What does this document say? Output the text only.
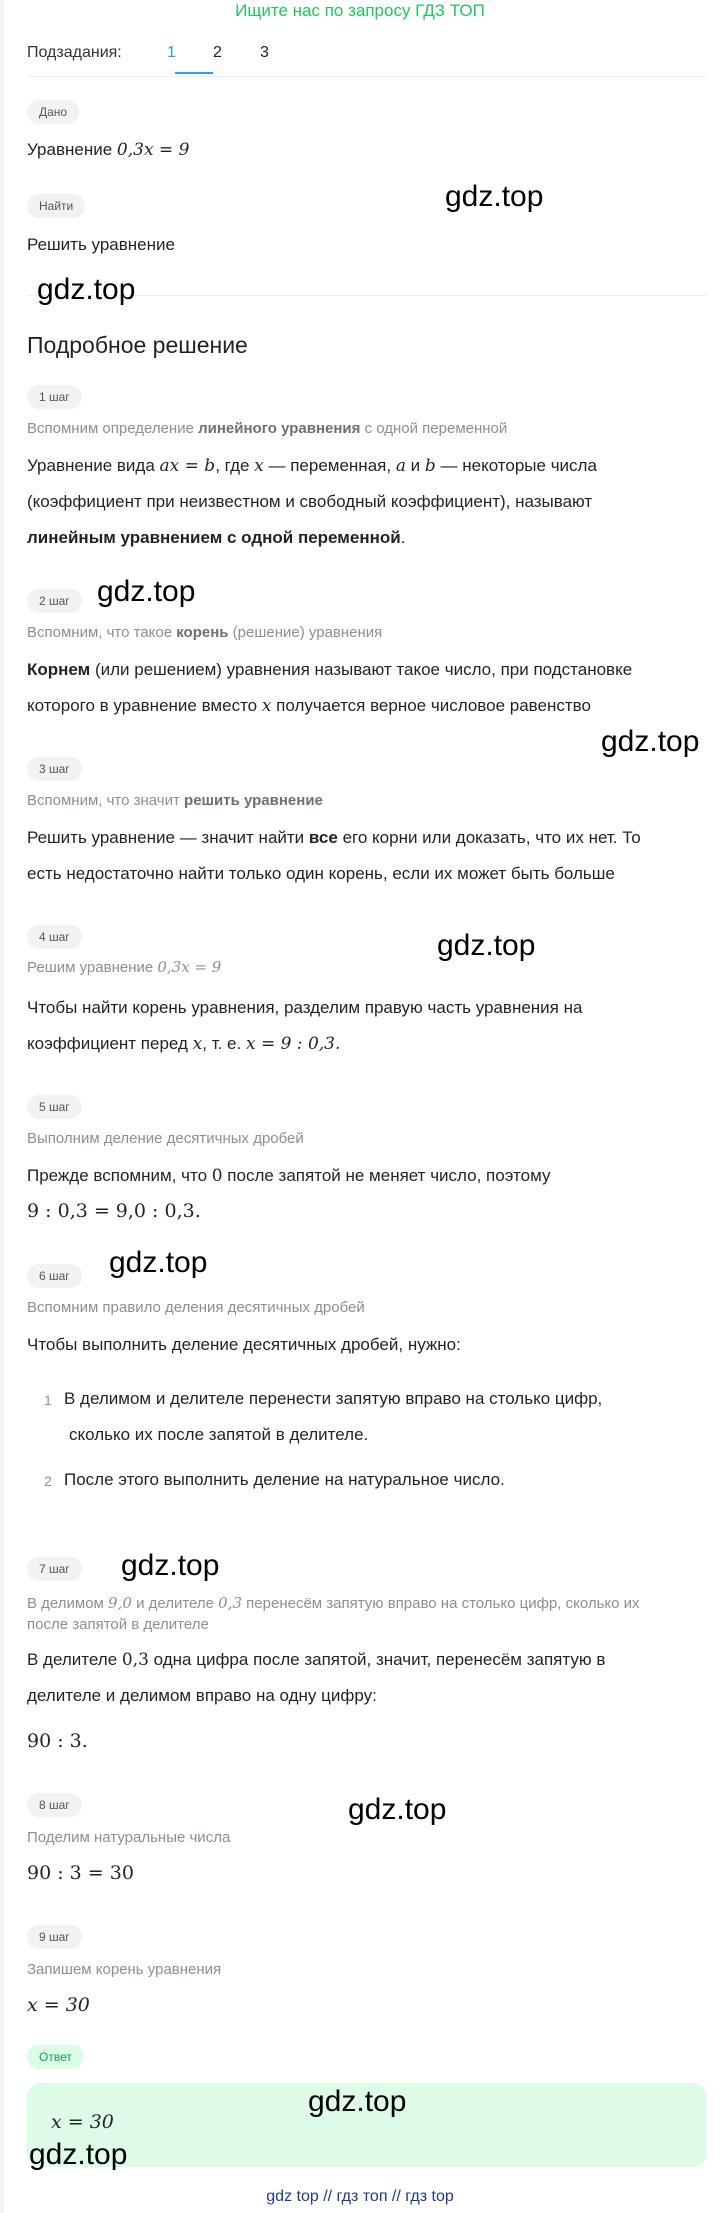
Ищите нас по запросу ГДЗ ТОП
Подзадания:	1 2 3
Дано
Уравнение 0,3x = 9
Найти
Решить уравнение
Подробное решение
1 шаг
Вспомним определение линейного уравнения с одной переменной
Уравнение вида ax = b, где x — переменная, a и b — некоторые числа
(коэффициент при неизвестном и свободный коэффициент), называют
линейным уравнением с одной переменной.
2 шаг
Вспомним, что такое корень (решение) уравнения
Корнем (или решением) уравнения называют такое число, при подстановке
которого в уравнение вместо x получается верное числовое равенство
3 шаг
Вспомним, что значит решить уравнение
Решить уравнение — значит найти все его корни или доказать, что их нет. То
есть недостаточно найти только один корень, если их может быть больше
4 шаг
Решим уравнение 0,3x = 9
Чтобы найти корень уравнения, разделим правую часть уравнения на
коэффициент перед x, т. е. x = 9 : 0,3.
5 шаг
Выполним деление десятичных дробей
Прежде вспомним, что 0 после запятой не меняет число, поэтому
9 : 0,3 = 9,0 : 0,3.
6 шаг
Вспомним правило деления десятичных дробей
Чтобы выполнить деление десятичных дробей, нужно:
1 В делимом и делителе перенести запятую вправо на столько цифр,
сколько их после запятой в делителе.
2 После этого выполнить деление на натуральное число.
7 шаг
В делимом 9,0 и делителе 0,3 перенесём запятую вправо на столько цифр, сколько их
после запятой в делителе
В делителе 0,3 одна цифра после запятой, значит, перенесём запятую в
делителе и делимом вправо на одну цифру:
90 : 3.
8 шаг
Поделим натуральные числа
90 : 3 = 30
9 шаг
Запишем корень уравнения
x = 30
Ответ
x = 30
gdz.top
gdz.top
gdz.top
gdz.top
gdz.top
gdz.top
gdz.top
gdz.top
gdz.top
gdz.top
gdz top // гдз топ // гдз top
